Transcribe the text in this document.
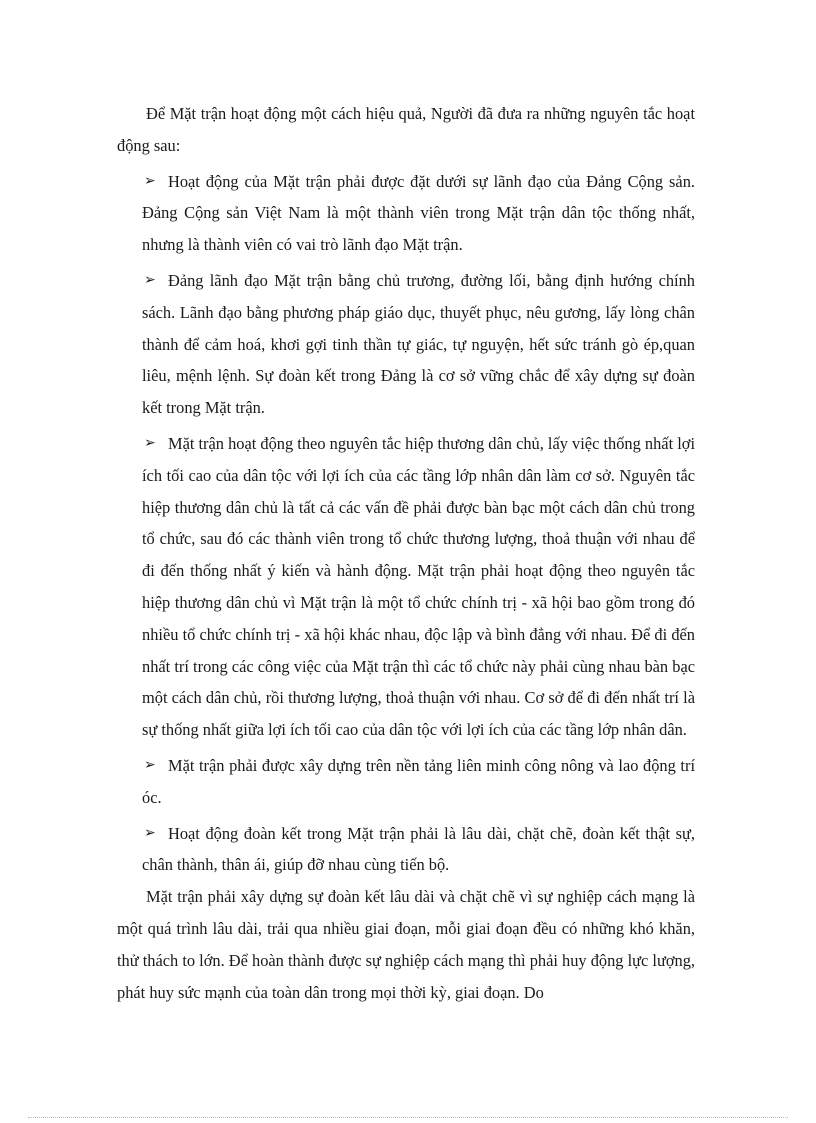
Để Mặt trận hoạt động một cách hiệu quả, Người đã đưa ra những nguyên tắc hoạt động sau:

➢ Hoạt động của Mặt trận phải được đặt dưới sự lãnh đạo của Đảng Cộng sản. Đảng Cộng sản Việt Nam là một thành viên trong Mặt trận dân tộc thống nhất, nhưng là thành viên có vai trò lãnh đạo Mặt trận.
➢ Đảng lãnh đạo Mặt trận bằng chủ trương, đường lối, bằng định hướng chính sách. Lãnh đạo bằng phương pháp giáo dục, thuyết phục, nêu gương, lấy lòng chân thành để cảm hoá, khơi gợi tinh thần tự giác, tự nguyện, hết sức tránh gò ép,quan liêu, mệnh lệnh. Sự đoàn kết trong Đảng là cơ sở vững chắc để xây dựng sự đoàn kết trong Mặt trận.
➢ Mặt trận hoạt động theo nguyên tắc hiệp thương dân chủ, lấy việc thống nhất lợi ích tối cao của dân tộc với lợi ích của các tầng lớp nhân dân làm cơ sở. Nguyên tắc hiệp thương dân chủ là tất cả các vấn đề phải được bàn bạc một cách dân chủ trong tổ chức, sau đó các thành viên trong tổ chức thương lượng, thoả thuận với nhau để đi đến thống nhất ý kiến và hành động. Mặt trận phải hoạt động theo nguyên tắc hiệp thương dân chủ vì Mặt trận là một tổ chức chính trị - xã hội bao gồm trong đó nhiều tổ chức chính trị - xã hội khác nhau, độc lập và bình đẳng với nhau. Để đi đến nhất trí trong các công việc của Mặt trận thì các tổ chức này phải cùng nhau bàn bạc một cách dân chủ, rồi thương lượng, thoả thuận với nhau. Cơ sở để đi đến nhất trí là sự thống nhất giữa lợi ích tối cao của dân tộc với lợi ích của các tầng lớp nhân dân.
➢ Mặt trận phải được xây dựng trên nền tảng liên minh công nông và lao động trí óc.
➢ Hoạt động đoàn kết trong Mặt trận phải là lâu dài, chặt chẽ, đoàn kết thật sự, chân thành, thân ái, giúp đỡ nhau cùng tiến bộ.

Mặt trận phải xây dựng sự đoàn kết lâu dài và chặt chẽ vì sự nghiệp cách mạng là một quá trình lâu dài, trải qua nhiều giai đoạn, mỗi giai đoạn đều có những khó khăn, thử thách to lớn. Để hoàn thành được sự nghiệp cách mạng thì phải huy động lực lượng, phát huy sức mạnh của toàn dân trong mọi thời kỳ, giai đoạn. Do
